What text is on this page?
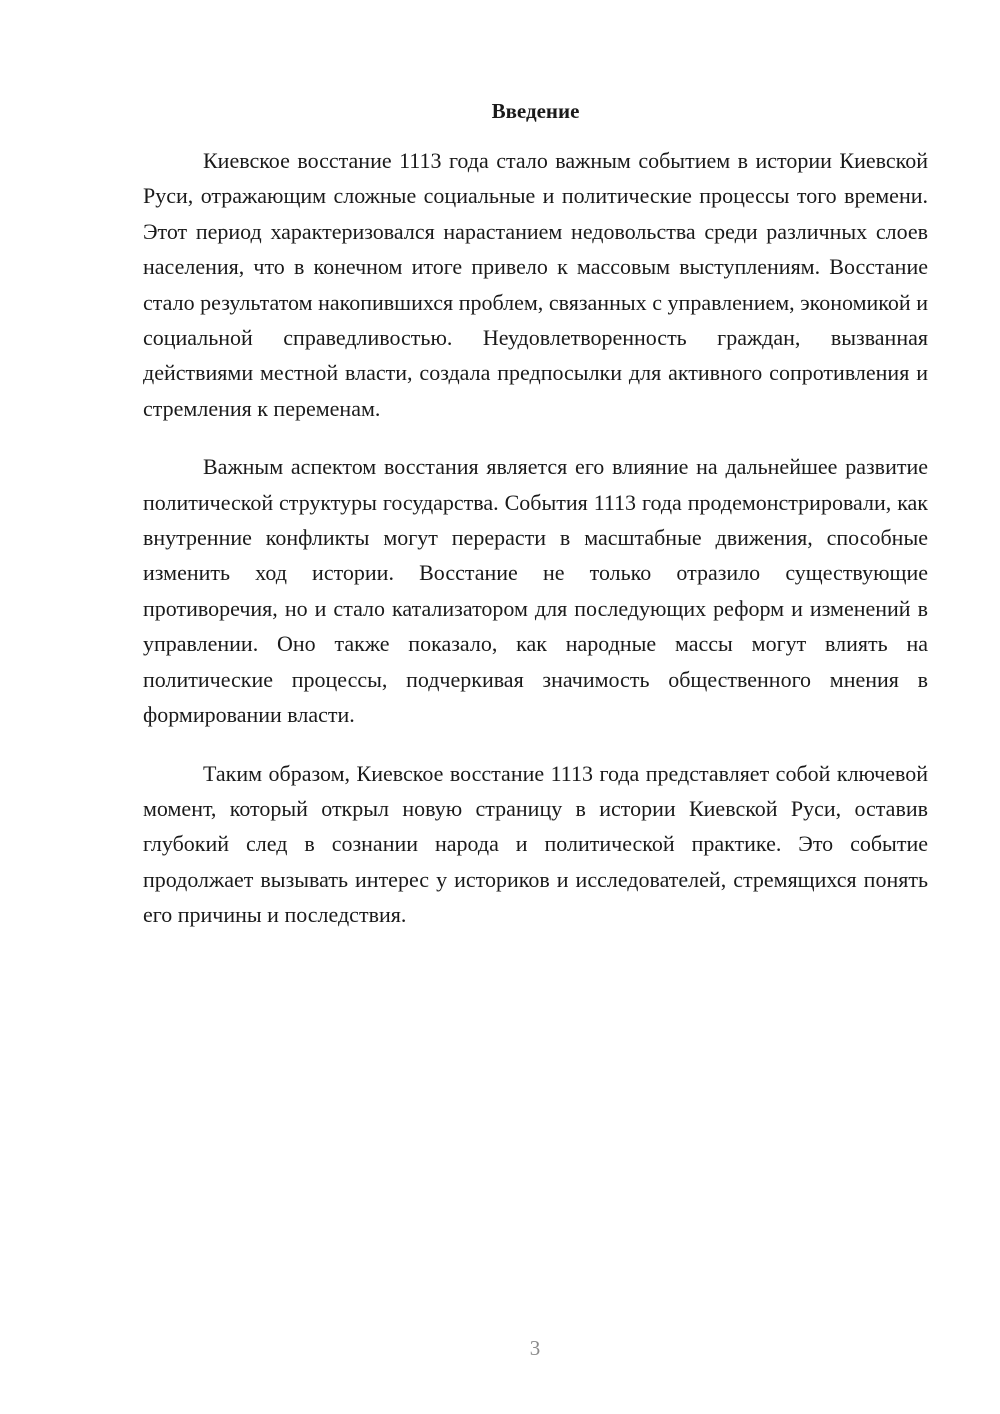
Введение

Киевское восстание 1113 года стало важным событием в истории Киевской Руси, отражающим сложные социальные и политические процессы того времени. Этот период характеризовался нарастанием недовольства среди различных слоев населения, что в конечном итоге привело к массовым выступлениям. Восстание стало результатом накопившихся проблем, связанных с управлением, экономикой и социальной справедливостью. Неудовлетворенность граждан, вызванная действиями местной власти, создала предпосылки для активного сопротивления и стремления к переменам.

Важным аспектом восстания является его влияние на дальнейшее развитие политической структуры государства. События 1113 года продемонстрировали, как внутренние конфликты могут перерасти в масштабные движения, способные изменить ход истории. Восстание не только отразило существующие противоречия, но и стало катализатором для последующих реформ и изменений в управлении. Оно также показало, как народные массы могут влиять на политические процессы, подчеркивая значимость общественного мнения в формировании власти.

Таким образом, Киевское восстание 1113 года представляет собой ключевой момент, который открыл новую страницу в истории Киевской Руси, оставив глубокий след в сознании народа и политической практике. Это событие продолжает вызывать интерес у историков и исследователей, стремящихся понять его причины и последствия.

3
